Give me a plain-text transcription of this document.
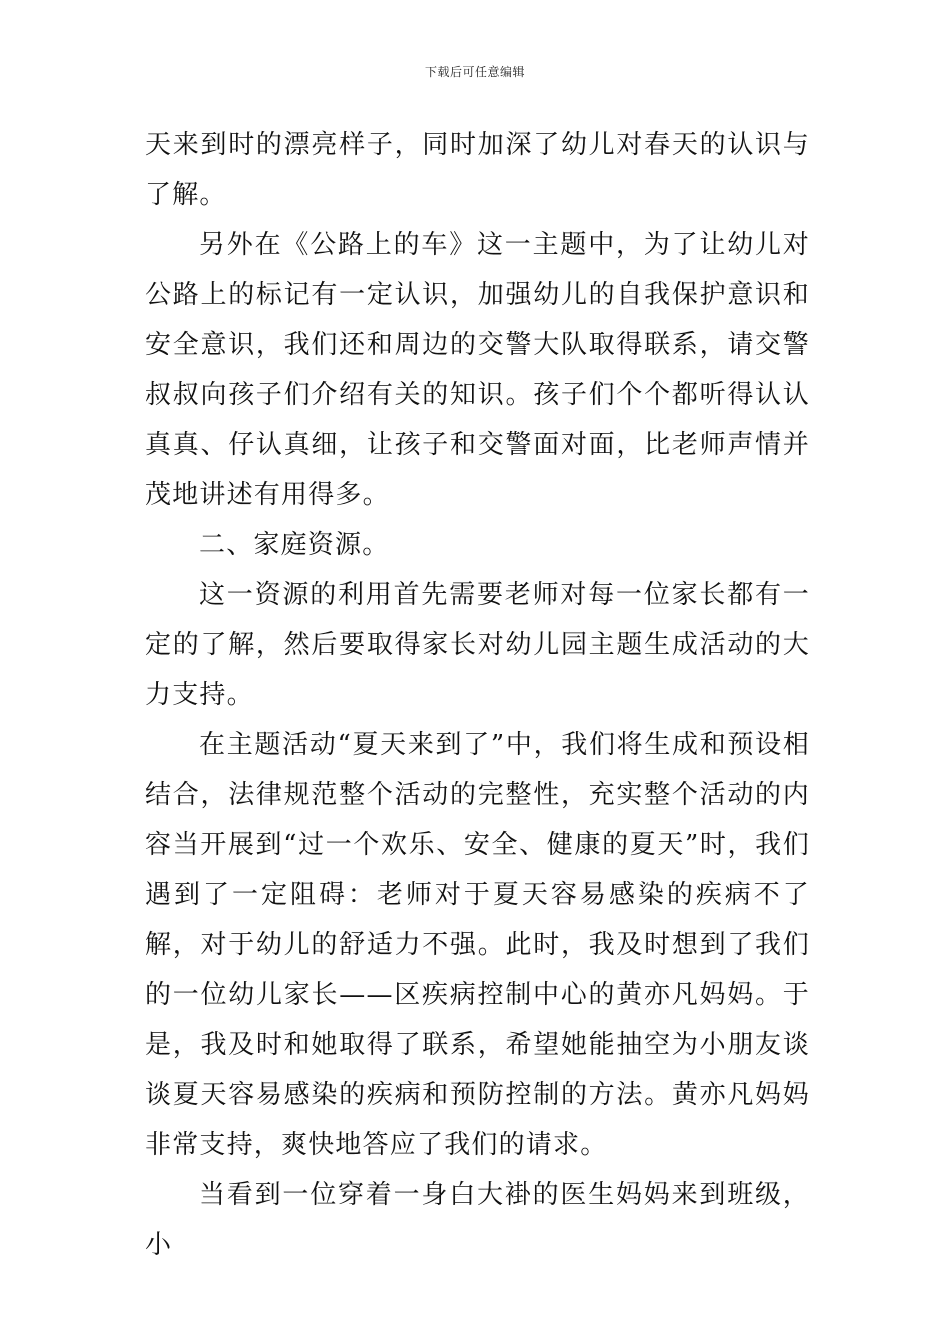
下载后可任意编辑

天来到时的漂亮样子，同时加深了幼儿对春天的认识与了解。

另外在《公路上的车》这一主题中，为了让幼儿对公路上的标记有一定认识，加强幼儿的自我保护意识和安全意识，我们还和周边的交警大队取得联系，请交警叔叔向孩子们介绍有关的知识。孩子们个个都听得认认真真、仔认真细，让孩子和交警面对面，比老师声情并茂地讲述有用得多。

二、家庭资源。

这一资源的利用首先需要老师对每一位家长都有一定的了解，然后要取得家长对幼儿园主题生成活动的大力支持。

在主题活动“夏天来到了”中，我们将生成和预设相结合，法律规范整个活动的完整性，充实整个活动的内容当开展到“过一个欢乐、安全、健康的夏天”时，我们遇到了一定阻碍：老师对于夏天容易感染的疾病不了解，对于幼儿的舒适力不强。此时，我及时想到了我们的一位幼儿家长——区疾病控制中心的黄亦凡妈妈。于是，我及时和她取得了联系，希望她能抽空为小朋友谈谈夏天容易感染的疾病和预防控制的方法。黄亦凡妈妈非常支持，爽快地答应了我们的请求。

当看到一位穿着一身白大褂的医生妈妈来到班级，小
